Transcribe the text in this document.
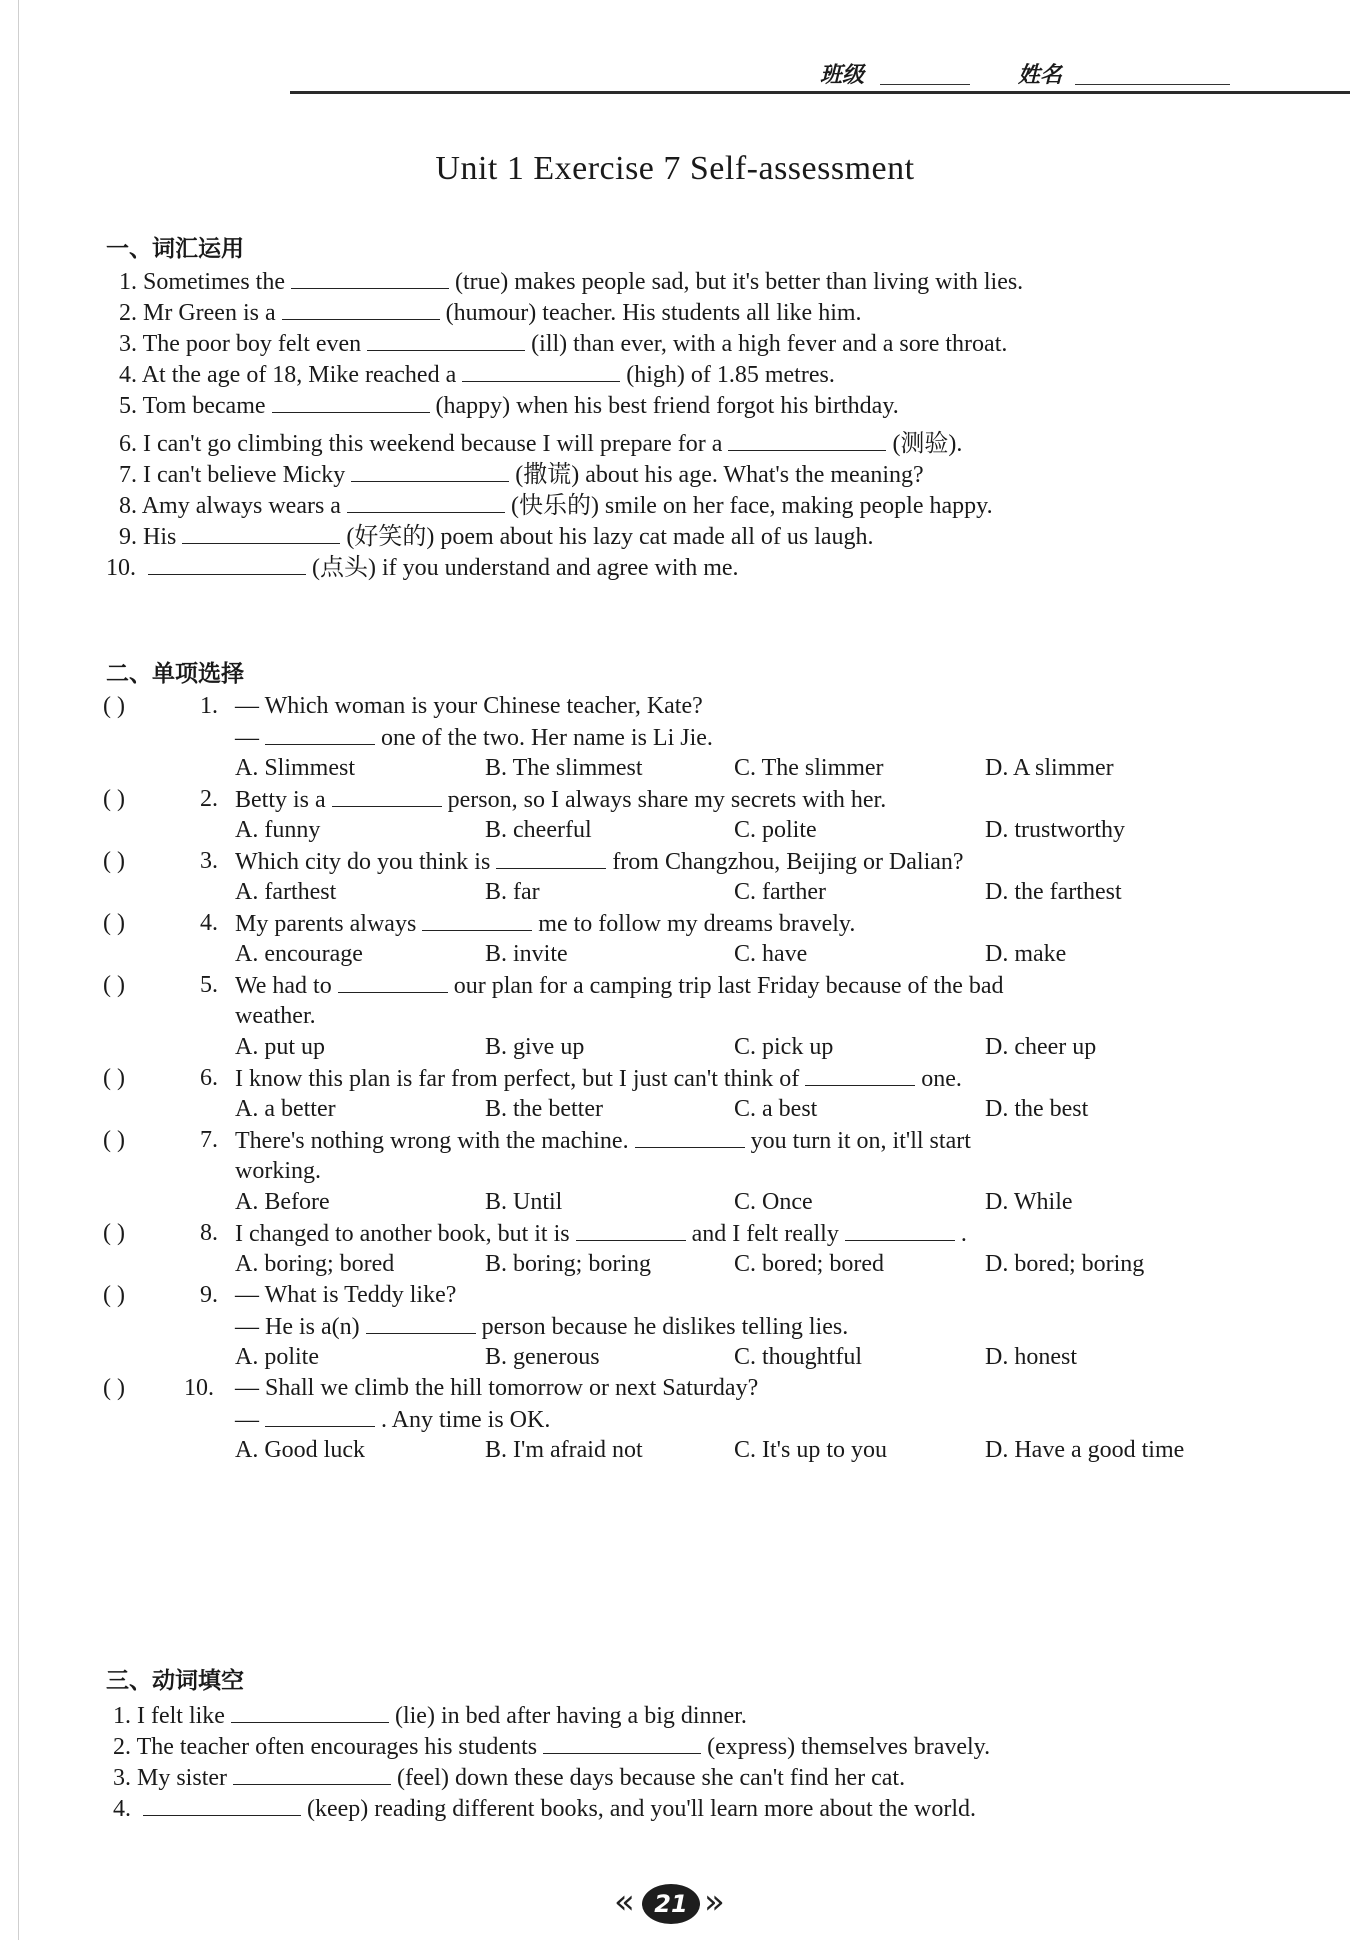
班级	姓名
Unit 1 Exercise 7 Self-assessment
一、词汇运用
1. Sometimes the	(true) makes people sad, but it's better than living with lies.
2. Mr Green is a	(humour) teacher. His students all like him.
3. The poor boy felt even	(ill) than ever, with a high fever and a sore throat.
4. At the age of 18, Mike reached a	(high) of 1.85 metres.
5. Tom became	(happy) when his best friend forgot his birthday.
6. I can't go climbing this weekend because I will prepare for a	(测验).
7. I can't believe Micky	(撒谎) about his age. What's the meaning?
8. Amy always wears a	(快乐的) smile on her face, making people happy.
9. His	(好笑的) poem about his lazy cat made all of us laugh.
10.	(点头) if you understand and agree with me.
二、单项选择
( )	1. — Which woman is your Chinese teacher, Kate?
—	one of the two. Her name is Li Jie.
A. Slimmest	B. The slimmest	C. The slimmer	D. A slimmer
( )	2. Betty is a	person, so I always share my secrets with her.
A. funny	B. cheerful	C. polite	D. trustworthy
( )	3. Which city do you think is	from Changzhou, Beijing or Dalian?
A. farthest	B. far	C. farther	D. the farthest
( )	4. My parents always	me to follow my dreams bravely.
A. encourage	B. invite	C. have	D. make
( )	5. We had to	our plan for a camping trip last Friday because of the bad
weather.
A. put up	B. give up	C. pick up	D. cheer up
( )	6. I know this plan is far from perfect, but I just can't think of	one.
A. a better	B. the better	C. a best	D. the best
( )	7. There's nothing wrong with the machine.	you turn it on, it'll start
working.
A. Before	B. Until	C. Once	D. While
( )	8. I changed to another book, but it is	and I felt really	.
A. boring; bored	B. boring; boring	C. bored; bored	D. bored; boring
( )	9. — What is Teddy like?
— He is a(n)	person because he dislikes telling lies.
A. polite	B. generous	C. thoughtful	D. honest
( ) 10. — Shall we climb the hill tomorrow or next Saturday?
—	. Any time is OK.
A. Good luck	B. I'm afraid not	C. It's up to you	D. Have a good time
三、动词填空
1. I felt like	(lie) in bed after having a big dinner.
2. The teacher often encourages his students	(express) themselves bravely.
3. My sister	(feel) down these days because she can't find her cat.
4.	(keep) reading different books, and you'll learn more about the world.
« 21 »
